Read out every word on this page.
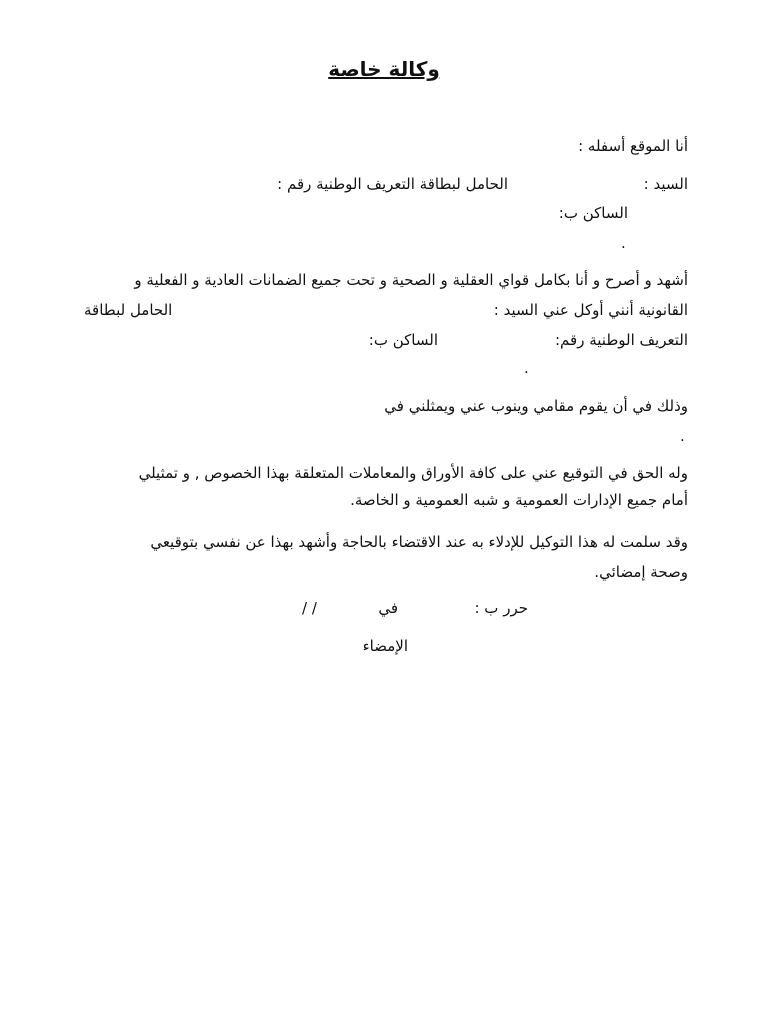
وكالة خاصة
أنا الموقع أسفله :
السيد :
الحامل لبطاقة التعريف الوطنية رقم :
الساكن ب:
.
أشهد و أصرح و أنا بكامل قواي العقلية و الصحية و تحت جميع الضمانات العادية و الفعلية و
القانونية أنني أوكل عني السيد :
الحامل لبطاقة
التعريف الوطنية رقم:
الساكن ب:
.
وذلك في أن يقوم مقامي وينوب عني ويمثلني في
.
وله الحق في التوقيع عني على كافة الأوراق والمعاملات المتعلقة بهذا الخصوص , و تمثيلي
أمام جميع الإدارات العمومية و شبه العمومية و الخاصة.
وقد سلمت له هذا التوكيل للإدلاء به عند الاقتضاء بالحاجة وأشهد بهذا عن نفسي بتوقيعي
وصحة إمضائي.
حرر ب :
في
/ /
الإمضاء
